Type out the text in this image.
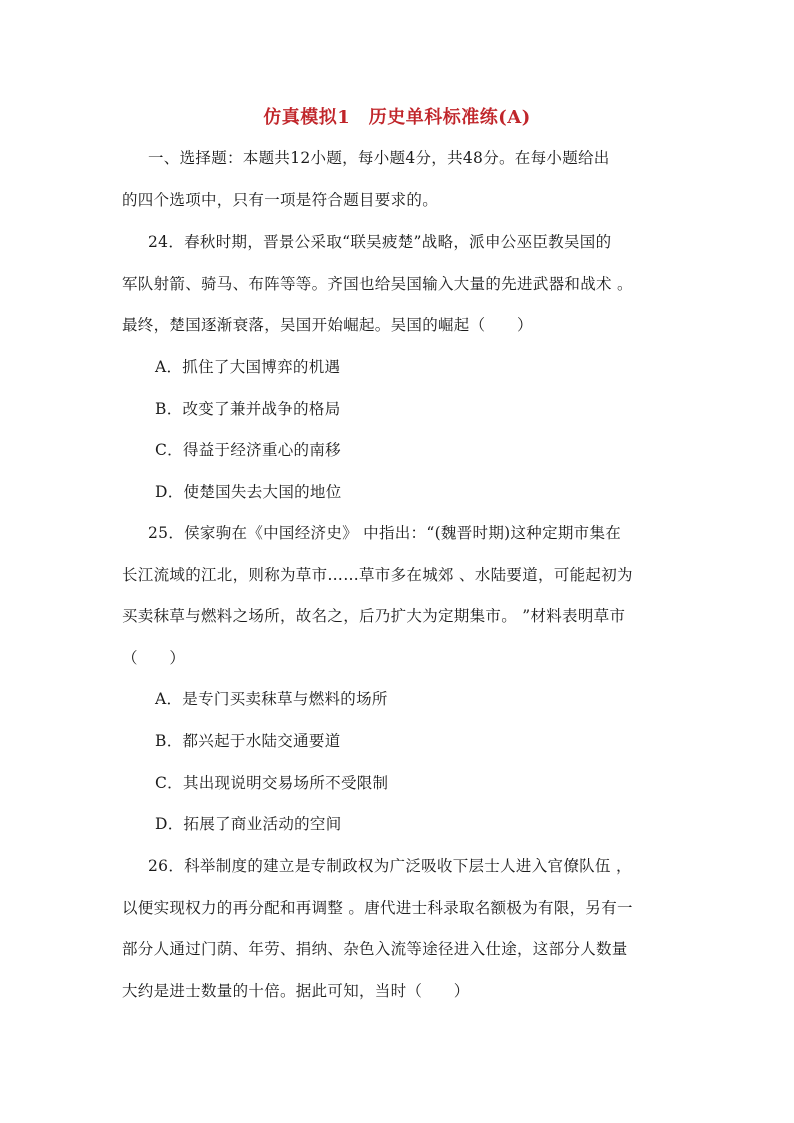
仿真模拟1　历史单科标准练(A)
一、选择题：本题共12小题，每小题4分，共48分。在每小题给出
的四个选项中，只有一项是符合题目要求的。
24．春秋时期，晋景公采取“联吴疲楚”战略，派申公巫臣教吴国的
军队射箭、骑马、布阵等等。齐国也给吴国输入大量的先进武器和战术 。
最终，楚国逐渐衰落，吴国开始崛起。吴国的崛起（　　）
A．抓住了大国博弈的机遇
B．改变了兼并战争的格局
C．得益于经济重心的南移
D．使楚国失去大国的地位
25．侯家驹在《中国经济史》 中指出：“(魏晋时期)这种定期市集在
长江流域的江北，则称为草市……草市多在城郊 、水陆要道，可能起初为
买卖秣草与燃料之场所，故名之，后乃扩大为定期集市。 ”材料表明草市
（　　）
A．是专门买卖秣草与燃料的场所
B．都兴起于水陆交通要道
C．其出现说明交易场所不受限制
D．拓展了商业活动的空间
26．科举制度的建立是专制政权为广泛吸收下层士人进入官僚队伍 ，
以便实现权力的再分配和再调整 。唐代进士科录取名额极为有限，另有一
部分人通过门荫、年劳、捐纳、杂色入流等途径进入仕途，这部分人数量
大约是进士数量的十倍。据此可知，当时（　　）
